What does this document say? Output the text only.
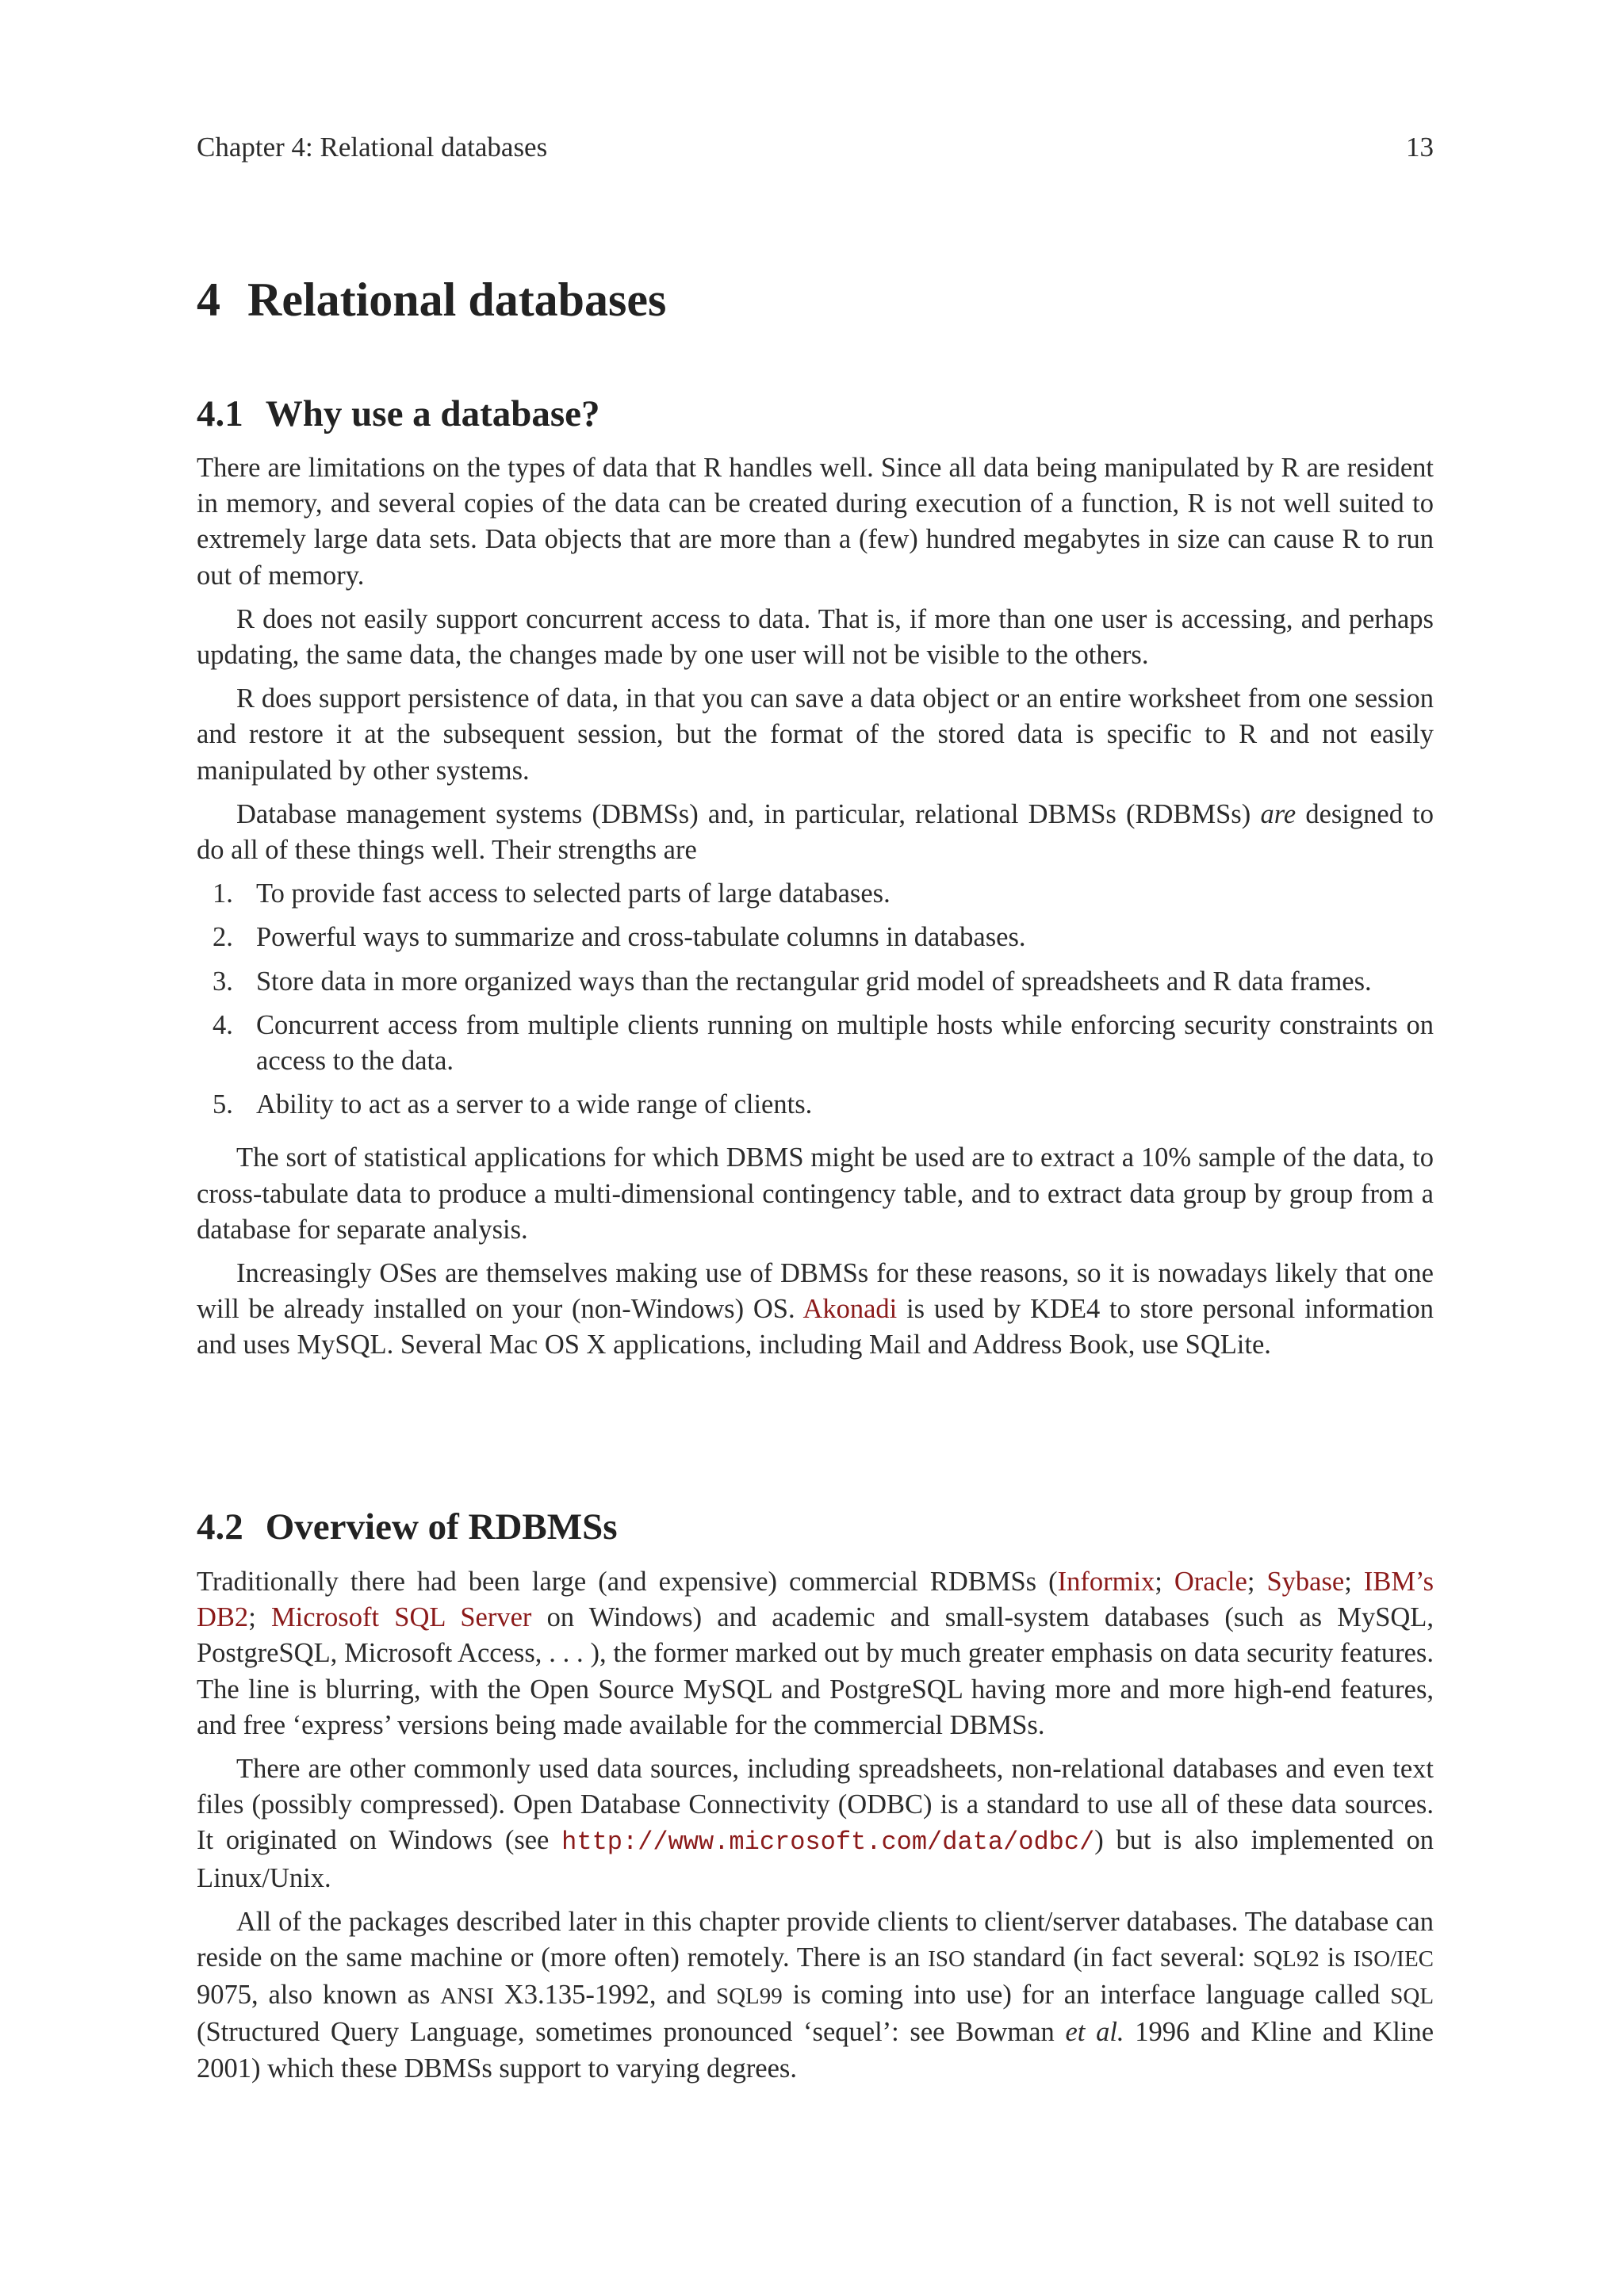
Chapter 4: Relational databases	13
4 Relational databases
4.1 Why use a database?

There are limitations on the types of data that R handles well. Since all data being manipulated by R are resident in memory, and several copies of the data can be created during execution of a function, R is not well suited to extremely large data sets. Data objects that are more than a (few) hundred megabytes in size can cause R to run out of memory.

R does not easily support concurrent access to data. That is, if more than one user is accessing, and perhaps updating, the same data, the changes made by one user will not be visible to the others.

R does support persistence of data, in that you can save a data object or an entire worksheet from one session and restore it at the subsequent session, but the format of the stored data is specific to R and not easily manipulated by other systems.

Database management systems (DBMSs) and, in particular, relational DBMSs (RDBMSs) are designed to do all of these things well. Their strengths are

1. To provide fast access to selected parts of large databases.
2. Powerful ways to summarize and cross-tabulate columns in databases.
3. Store data in more organized ways than the rectangular grid model of spreadsheets and R data frames.
4. Concurrent access from multiple clients running on multiple hosts while enforcing security constraints on access to the data.
5. Ability to act as a server to a wide range of clients.

The sort of statistical applications for which DBMS might be used are to extract a 10% sample of the data, to cross-tabulate data to produce a multi-dimensional contingency table, and to extract data group by group from a database for separate analysis.

Increasingly OSes are themselves making use of DBMSs for these reasons, so it is nowadays likely that one will be already installed on your (non-Windows) OS. Akonadi is used by KDE4 to store personal information and uses MySQL. Several Mac OS X applications, including Mail and Address Book, use SQLite.

4.2 Overview of RDBMSs

Traditionally there had been large (and expensive) commercial RDBMSs (Informix; Oracle; Sybase; IBM’s DB2; Microsoft SQL Server on Windows) and academic and small-system databases (such as MySQL, PostgreSQL, Microsoft Access, . . . ), the former marked out by much greater emphasis on data security features. The line is blurring, with the Open Source MySQL and PostgreSQL having more and more high-end features, and free ‘express’ versions being made available for the commercial DBMSs.

There are other commonly used data sources, including spreadsheets, non-relational databases and even text files (possibly compressed). Open Database Connectivity (ODBC) is a standard to use all of these data sources. It originated on Windows (see http://www.microsoft.com/data/odbc/) but is also implemented on Linux/Unix.

All of the packages described later in this chapter provide clients to client/server databases. The database can reside on the same machine or (more often) remotely. There is an ISO standard (in fact several: SQL92 is ISO/IEC 9075, also known as ANSI X3.135-1992, and SQL99 is coming into use) for an interface language called SQL (Structured Query Language, sometimes pronounced ‘sequel’: see Bowman et al. 1996 and Kline and Kline 2001) which these DBMSs support to varying degrees.
